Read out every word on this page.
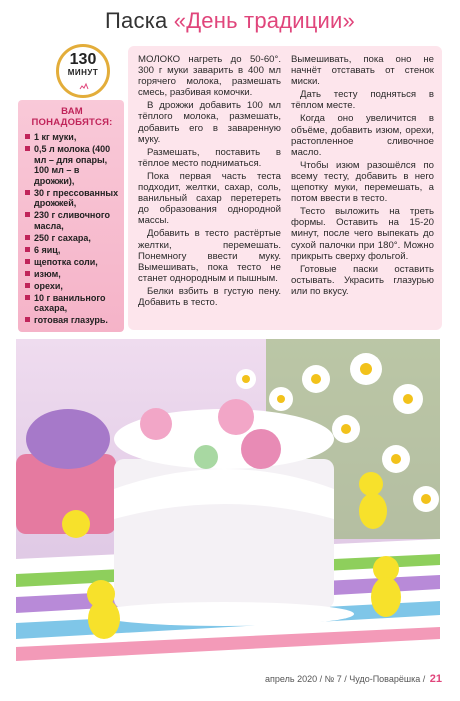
Паска «День традиции»
130
МИНУТ
ВАМ ПОНАДОБЯТСЯ:
1 кг муки,
0,5 л молока (400 мл – для опары, 100 мл – в дрожжи),
30 г прессованных дрожжей,
230 г сливочного масла,
250 г сахара,
6 яиц,
щепотка соли,
изюм,
орехи,
10 г ванильного сахара,
готовая глазурь.

МОЛОКО нагреть до 50-60°. 300 г муки заварить в 400 мл горячего молока, размешать смесь, разбивая комочки.

В дрожжи добавить 100 мл тёплого молока, размешать, добавить его в заваренную муку.

Размешать, поставить в тёплое место подниматься.

Пока первая часть теста подходит, желтки, сахар, соль, ванильный сахар перетереть до образования однородной массы.

Добавить в тесто растёртые желтки, перемешать. Понемногу ввести муку. Вымешивать, пока тесто не станет однородным и пышным.

Белки взбить в густую пену. Добавить в тесто.

Вымешивать, пока оно не начнёт отставать от стенок миски.

Дать тесту подняться в тёплом месте.

Когда оно увеличится в объёме, добавить изюм, орехи, растопленное сливочное масло.

Чтобы изюм разошёлся по всему тесту, добавить в него щепотку муки, перемешать, а потом ввести в тесто.

Тесто выложить на треть формы. Оставить на 15-20 минут, после чего выпекать до сухой палочки при 180°. Можно прикрыть сверху фольгой.

Готовые паски оставить остывать. Украсить глазурью или по вкусу.

апрель 2020 / № 7 / Чудо-Поварёшка / 21
